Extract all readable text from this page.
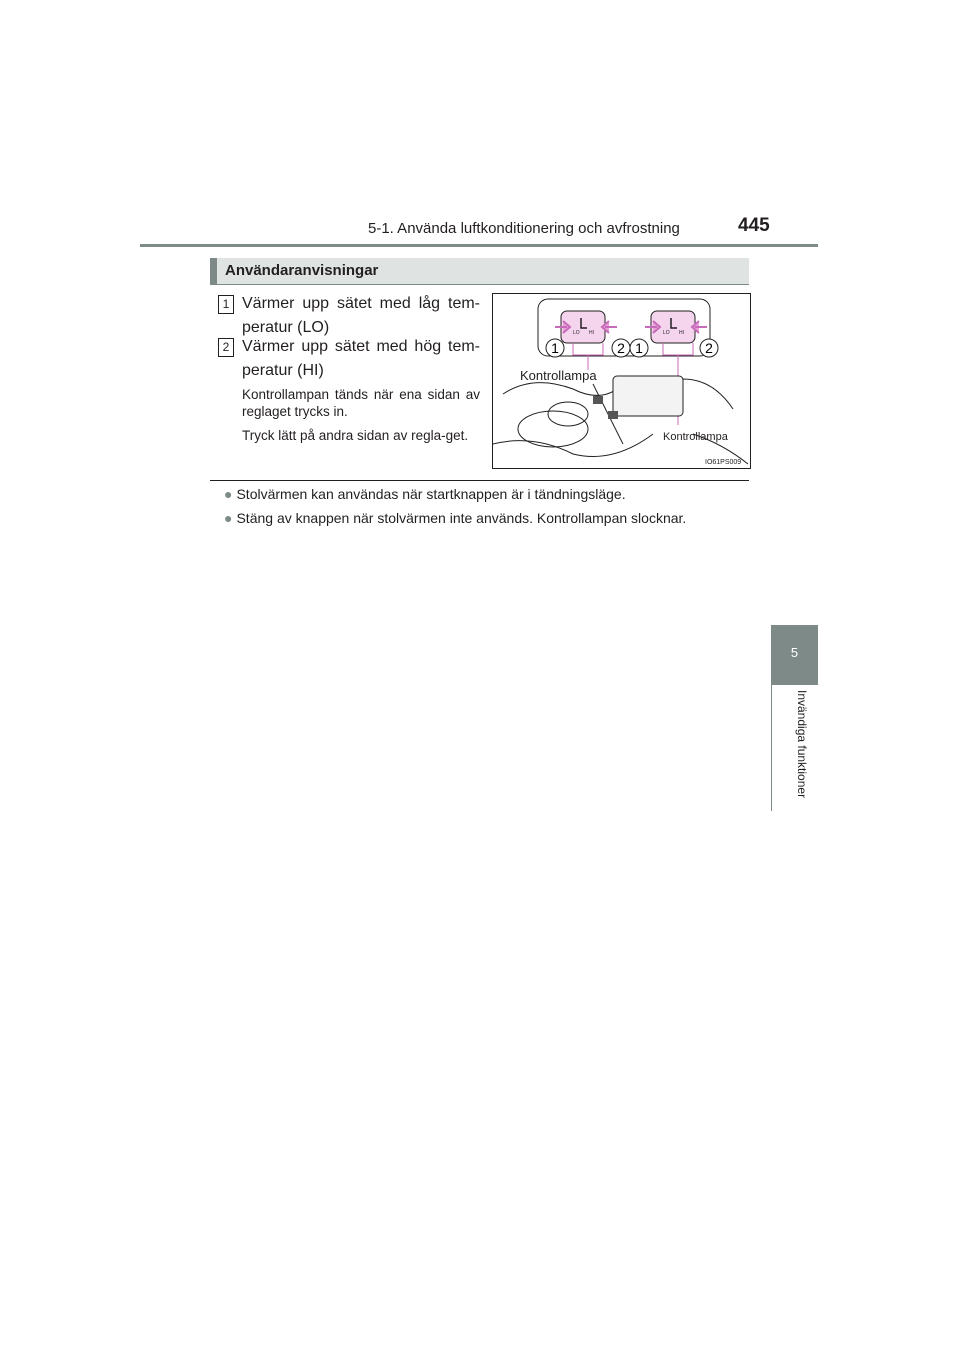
5-1. Använda luftkonditionering och avfrostning	445
5
Invändiga funktioner
Användaranvisningar
1 Värmer upp sätet med låg tem-peratur (LO)
2 Värmer upp sätet med hög tem-peratur (HI)
Kontrollampan tänds när ena sidan av reglaget trycks in.
Tryck lätt på andra sidan av regla-get.
LO HI	LO HI
1	2 1	2
Kontrollampa
Kontrollampa
IO61PS009
● Stolvärmen kan användas när startknappen är i tändningsläge.
● Stäng av knappen när stolvärmen inte används. Kontrollampan slocknar.
